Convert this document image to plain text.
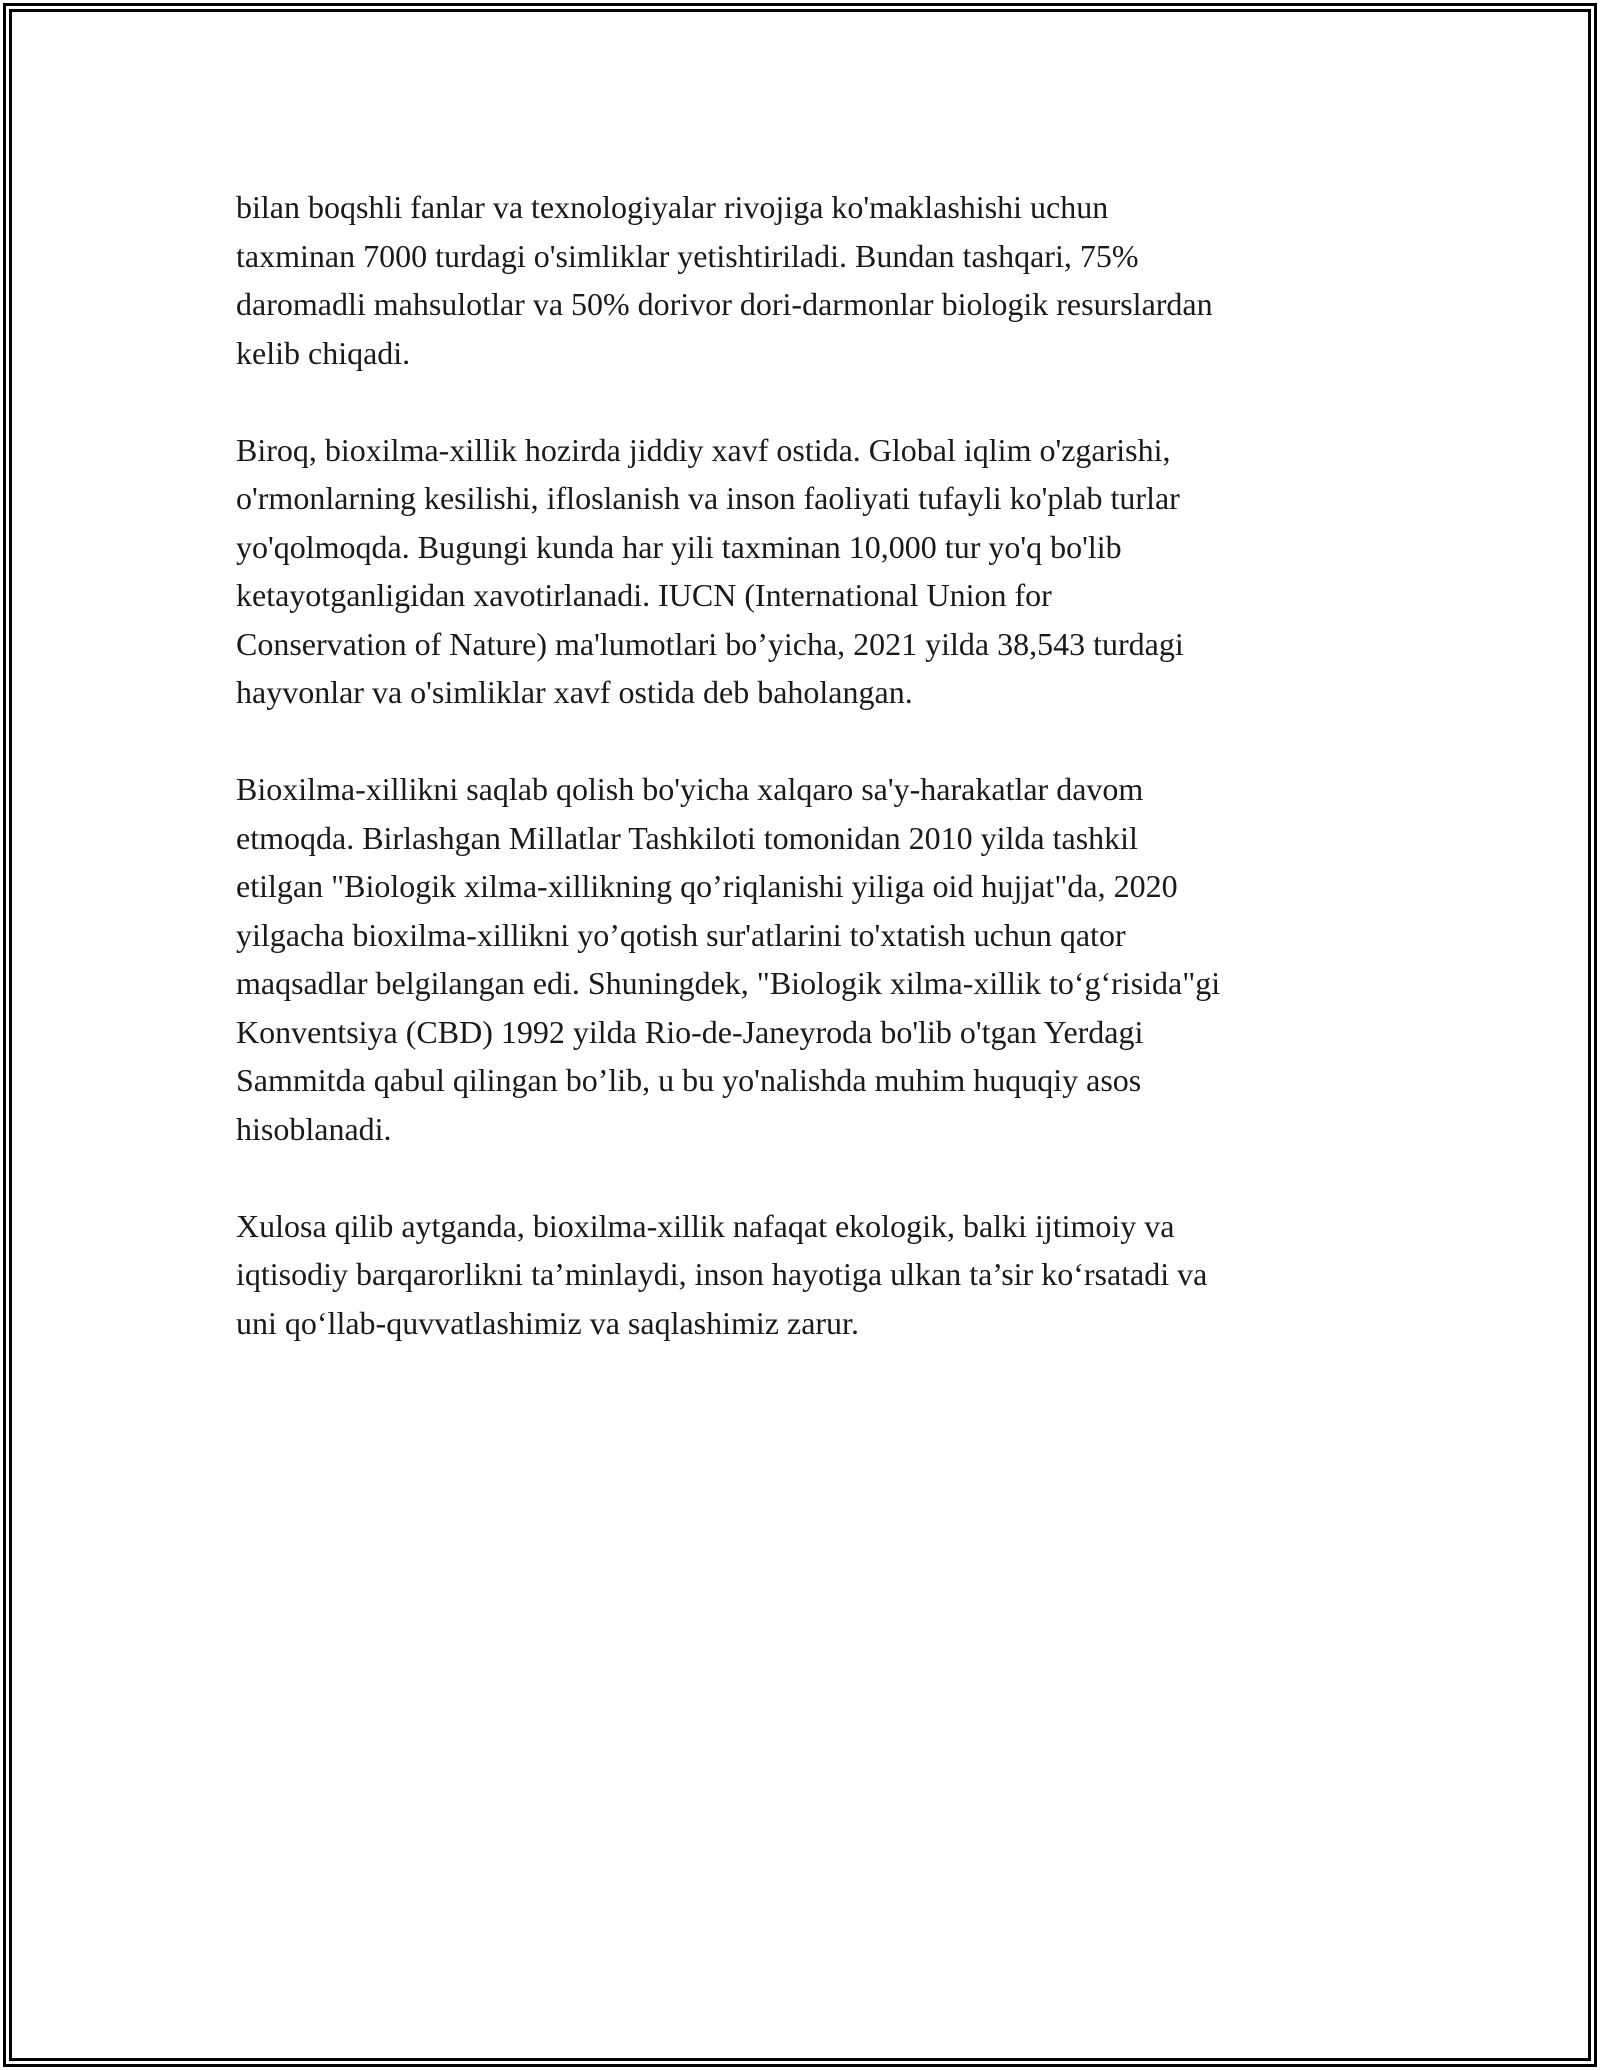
bilan boqshli fanlar va texnologiyalar rivojiga ko'maklashishi uchun
taxminan 7000 turdagi o'simliklar yetishtiriladi. Bundan tashqari, 75%
daromadli mahsulotlar va 50% dorivor dori-darmonlar biologik resurslardan
kelib chiqadi.

Biroq, bioxilma-xillik hozirda jiddiy xavf ostida. Global iqlim o'zgarishi,
o'rmonlarning kesilishi, ifloslanish va inson faoliyati tufayli ko'plab turlar
yo'qolmoqda. Bugungi kunda har yili taxminan 10,000 tur yo'q bo'lib
ketayotganligidan xavotirlanadi. IUCN (International Union for
Conservation of Nature) ma'lumotlari bo’yicha, 2021 yilda 38,543 turdagi
hayvonlar va o'simliklar xavf ostida deb baholangan.

Bioxilma-xillikni saqlab qolish bo'yicha xalqaro sa'y-harakatlar davom
etmoqda. Birlashgan Millatlar Tashkiloti tomonidan 2010 yilda tashkil
etilgan "Biologik xilma-xillikning qo’riqlanishi yiliga oid hujjat"da, 2020
yilgacha bioxilma-xillikni yo’qotish sur'atlarini to'xtatish uchun qator
maqsadlar belgilangan edi. Shuningdek, "Biologik xilma-xillik to‘g‘risida"gi
Konventsiya (CBD) 1992 yilda Rio-de-Janeyroda bo'lib o'tgan Yerdagi
Sammitda qabul qilingan bo’lib, u bu yo'nalishda muhim huquqiy asos
hisoblanadi.

Xulosa qilib aytganda, bioxilma-xillik nafaqat ekologik, balki ijtimoiy va
iqtisodiy barqarorlikni ta’minlaydi, inson hayotiga ulkan ta’sir ko‘rsatadi va
uni qo‘llab-quvvatlashimiz va saqlashimiz zarur.
